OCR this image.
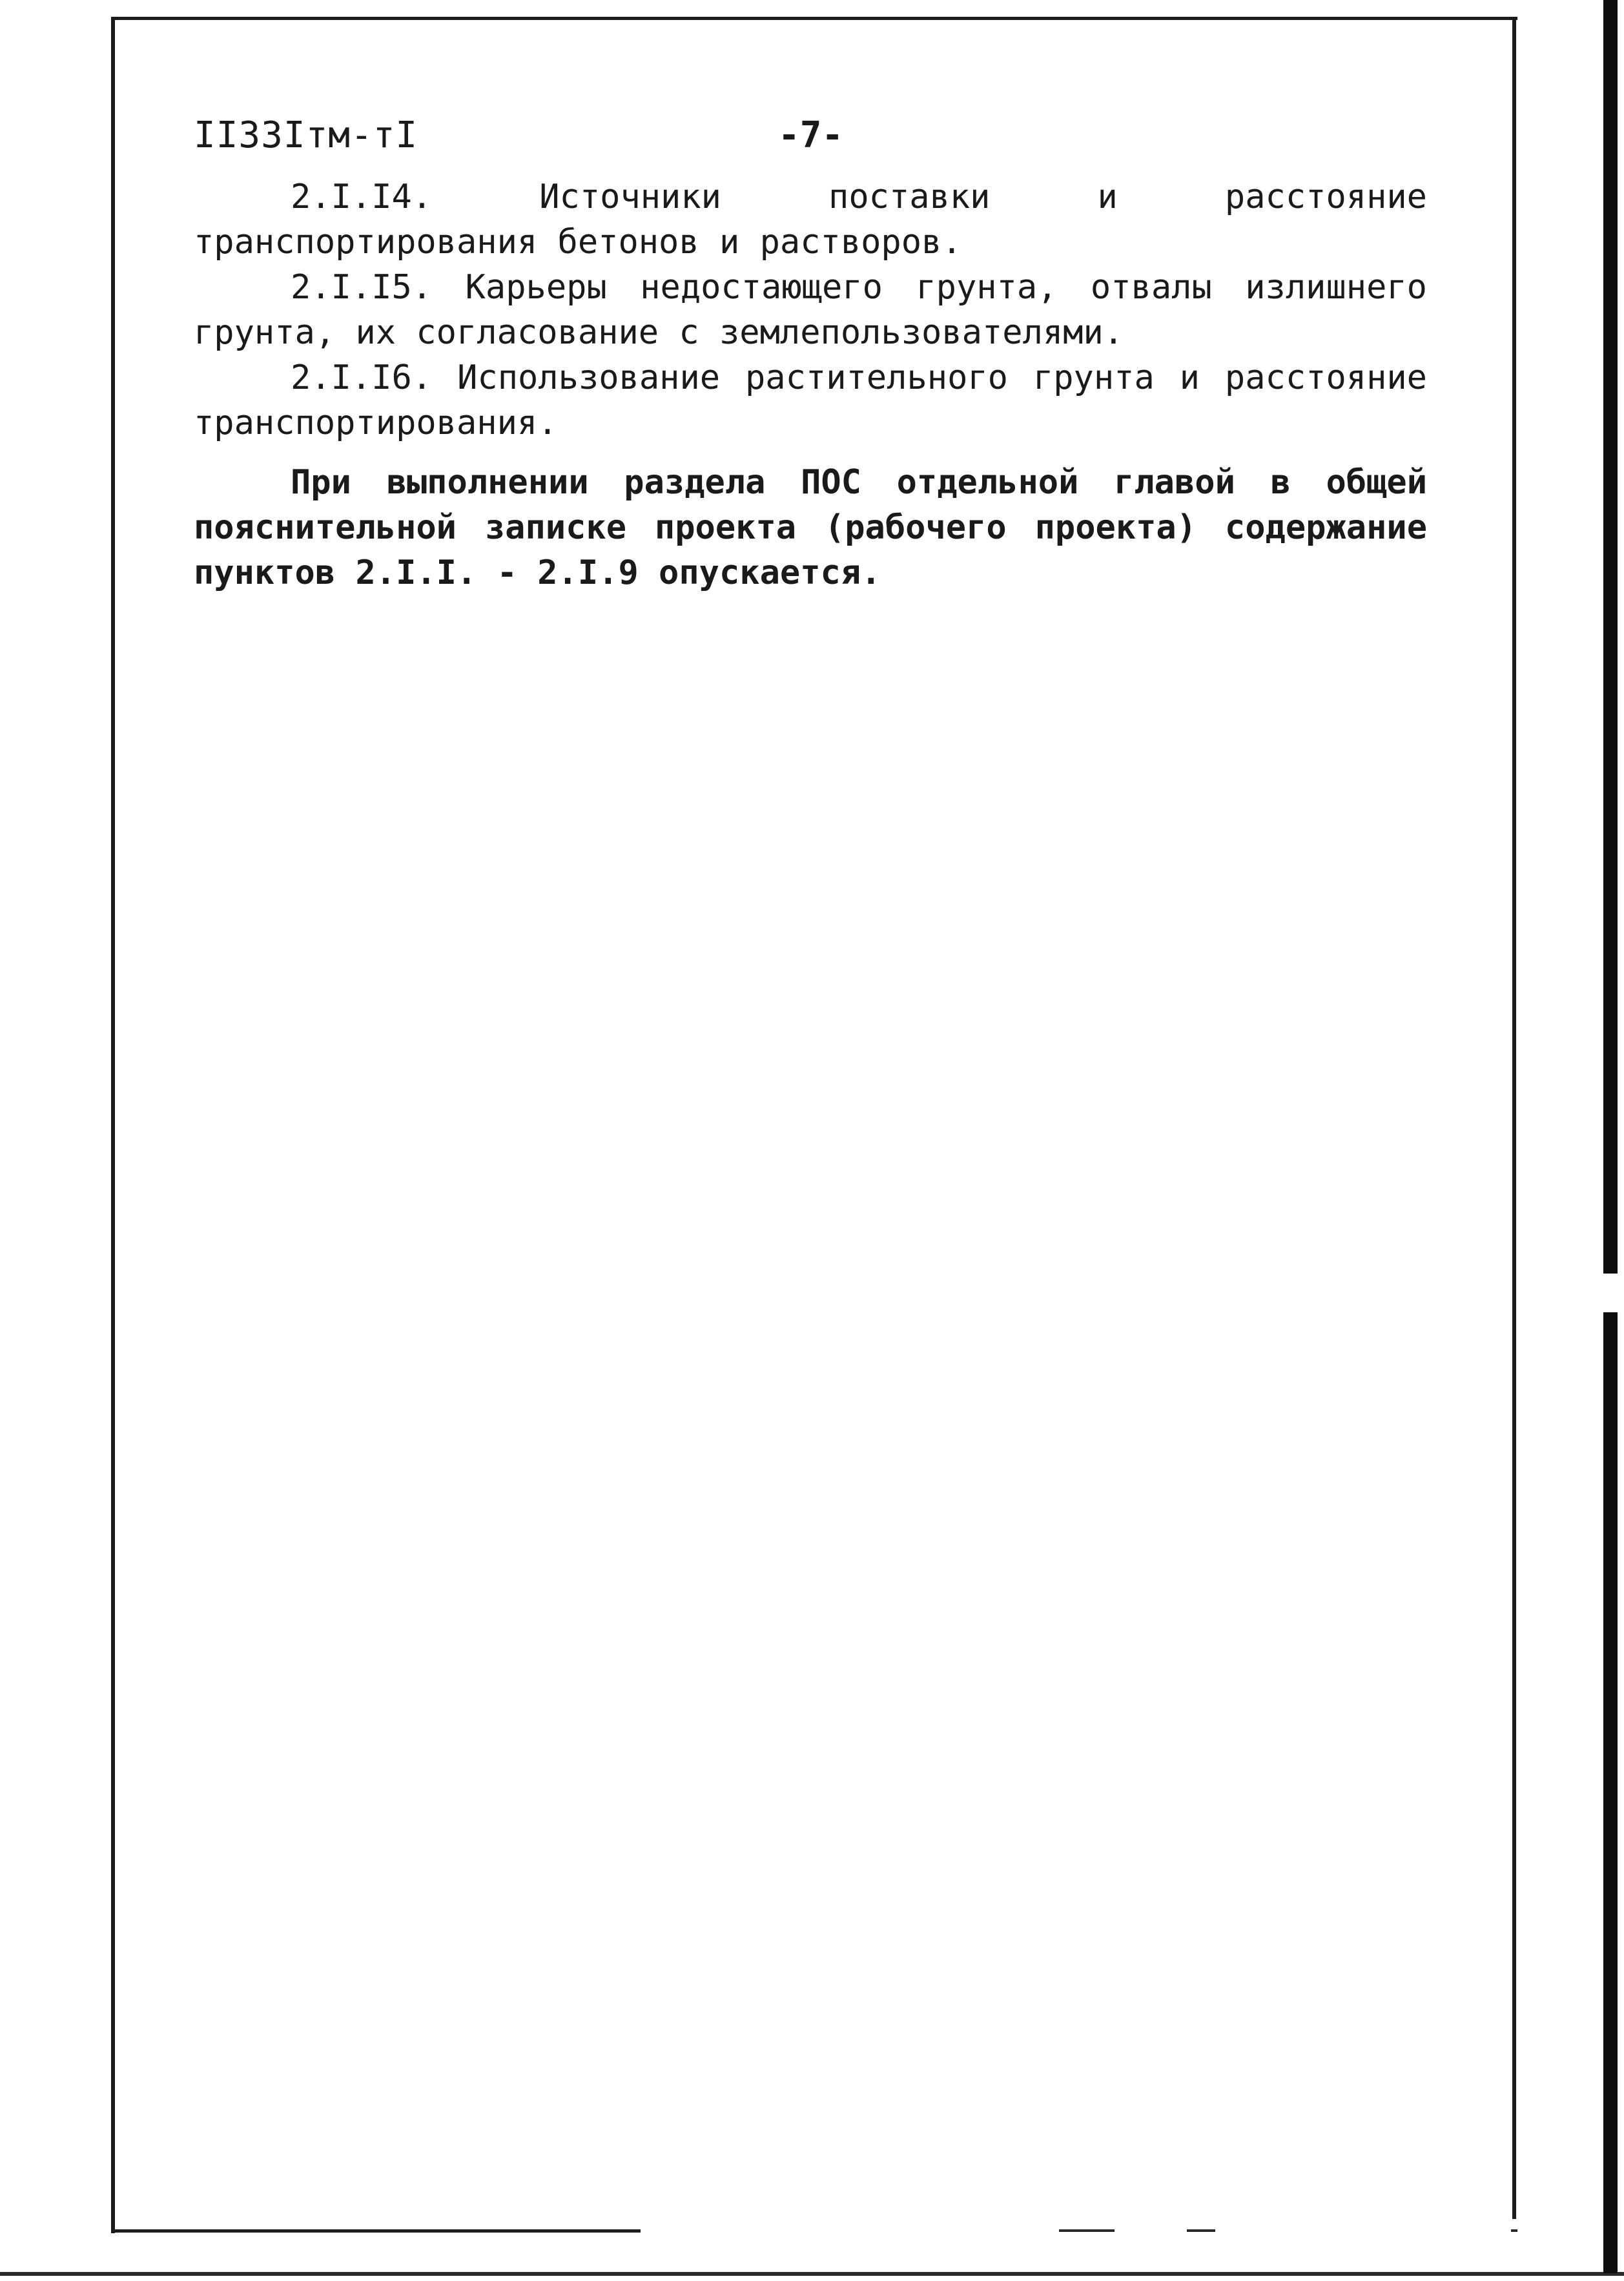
II33Iтм-тI	-7-

2.I.I4. Источники поставки и расстояние транспортирования бетонов и растворов.

2.I.I5. Карьеры недостающего грунта, отвалы излишнего грунта, их согласование с землепользователями.

2.I.I6. Использование растительного грунта и расстояние транспортирования.

При выполнении раздела ПОС отдельной главой в общей пояснительной записке проекта (рабочего проекта) содержание пунктов 2.I.I. - 2.I.9 опускается.
